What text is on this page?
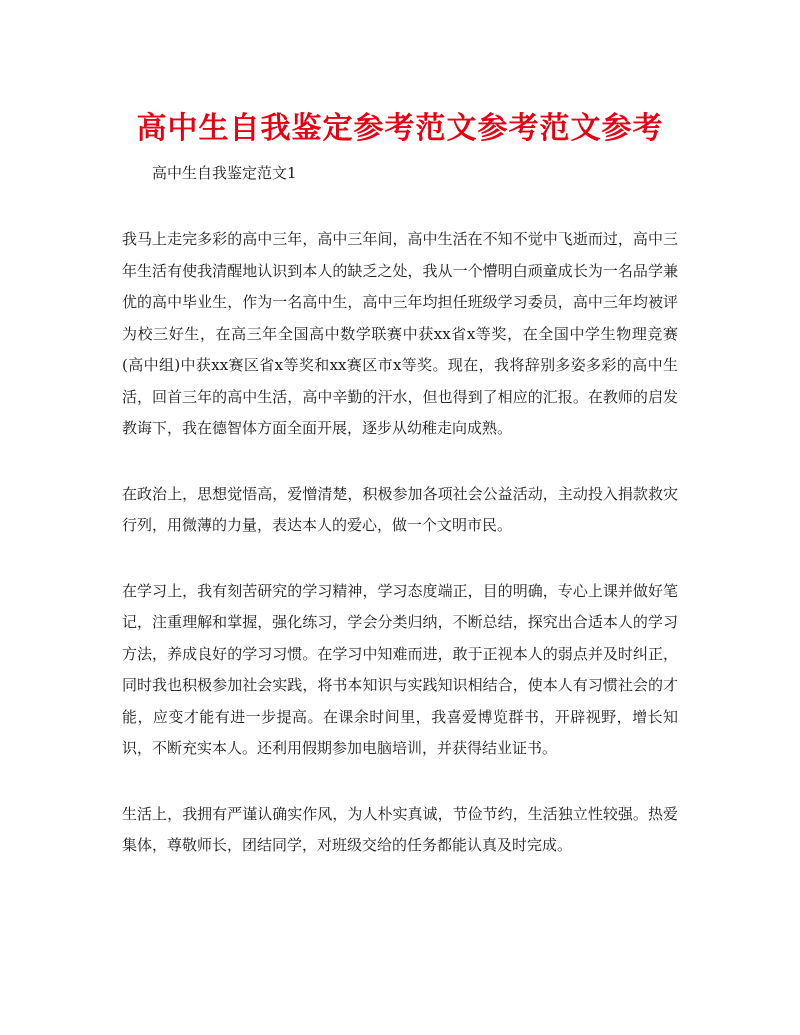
高中生自我鉴定参考范文参考范文参考

高中生自我鉴定范文1

我马上走完多彩的高中三年，高中三年间，高中生活在不知不觉中飞逝而过，高中三年生活有使我清醒地认识到本人的缺乏之处，我从一个懵明白顽童成长为一名品学兼优的高中毕业生，作为一名高中生，高中三年均担任班级学习委员，高中三年均被评为校三好生，在高三年全国高中数学联赛中获xx省x等奖，在全国中学生物理竞赛(高中组)中获xx赛区省x等奖和xx赛区市x等奖。现在，我将辞别多姿多彩的高中生活，回首三年的高中生活，高中辛勤的汗水，但也得到了相应的汇报。在教师的启发教诲下，我在德智体方面全面开展，逐步从幼稚走向成熟。

在政治上，思想觉悟高，爱憎清楚，积极参加各项社会公益活动，主动投入捐款救灾行列，用微薄的力量，表达本人的爱心，做一个文明市民。

在学习上，我有刻苦研究的学习精神，学习态度端正，目的明确，专心上课并做好笔记，注重理解和掌握，强化练习，学会分类归纳，不断总结，探究出合适本人的学习方法，养成良好的学习习惯。在学习中知难而进，敢于正视本人的弱点并及时纠正，同时我也积极参加社会实践，将书本知识与实践知识相结合，使本人有习惯社会的才能，应变才能有进一步提高。在课余时间里，我喜爱博览群书，开辟视野，增长知识，不断充实本人。还利用假期参加电脑培训，并获得结业证书。

生活上，我拥有严谨认确实作风，为人朴实真诚，节俭节约，生活独立性较强。热爱集体，尊敬师长，团结同学，对班级交给的任务都能认真及时完成。
